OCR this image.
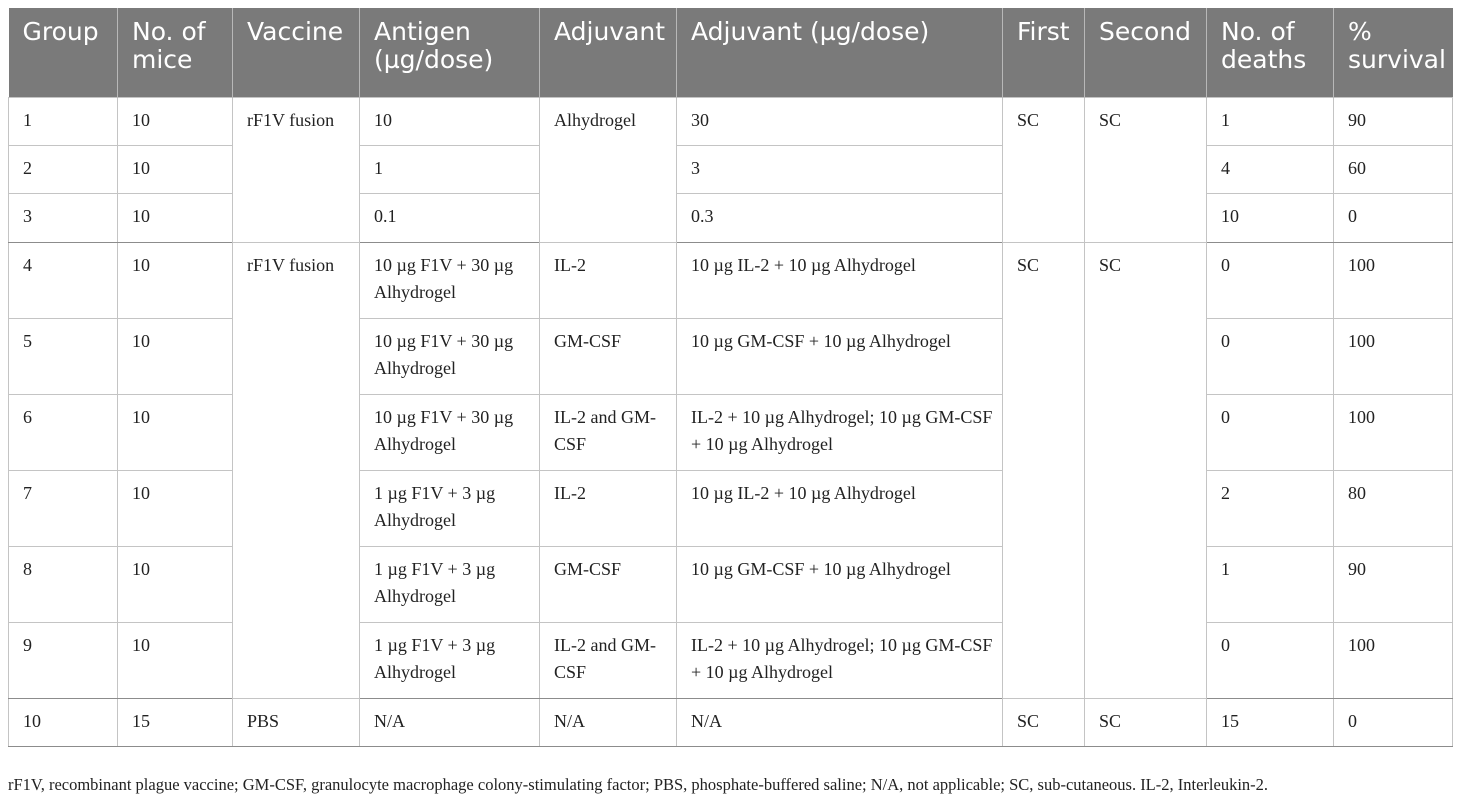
Group	No. of mice	Vaccine	Antigen (µg/dose)	Adjuvant	Adjuvant (µg/dose)	First	Second	No. of deaths	% survival
1	10	rF1V fusion	10	Alhydrogel	30	SC	SC	1	90
2	10		1		3			4	60
3	10		0.1		0.3			10	0
4	10	rF1V fusion	10 µg F1V + 30 µg Alhydrogel	IL-2	10 µg IL-2 + 10 µg Alhydrogel	SC	SC	0	100
5	10		10 µg F1V + 30 µg Alhydrogel	GM-CSF	10 µg GM-CSF + 10 µg Alhydrogel			0	100
6	10		10 µg F1V + 30 µg Alhydrogel	IL-2 and GM-CSF	IL-2 + 10 µg Alhydrogel; 10 µg GM-CSF + 10 µg Alhydrogel			0	100
7	10		1 µg F1V + 3 µg Alhydrogel	IL-2	10 µg IL-2 + 10 µg Alhydrogel			2	80
8	10		1 µg F1V + 3 µg Alhydrogel	GM-CSF	10 µg GM-CSF + 10 µg Alhydrogel			1	90
9	10		1 µg F1V + 3 µg Alhydrogel	IL-2 and GM-CSF	IL-2 + 10 µg Alhydrogel; 10 µg GM-CSF + 10 µg Alhydrogel			0	100
10	15	PBS	N/A	N/A	N/A	SC	SC	15	0
rF1V, recombinant plague vaccine; GM-CSF, granulocyte macrophage colony-stimulating factor; PBS, phosphate-buffered saline; N/A, not applicable; SC, sub-cutaneous. IL-2, Interleukin-2.
